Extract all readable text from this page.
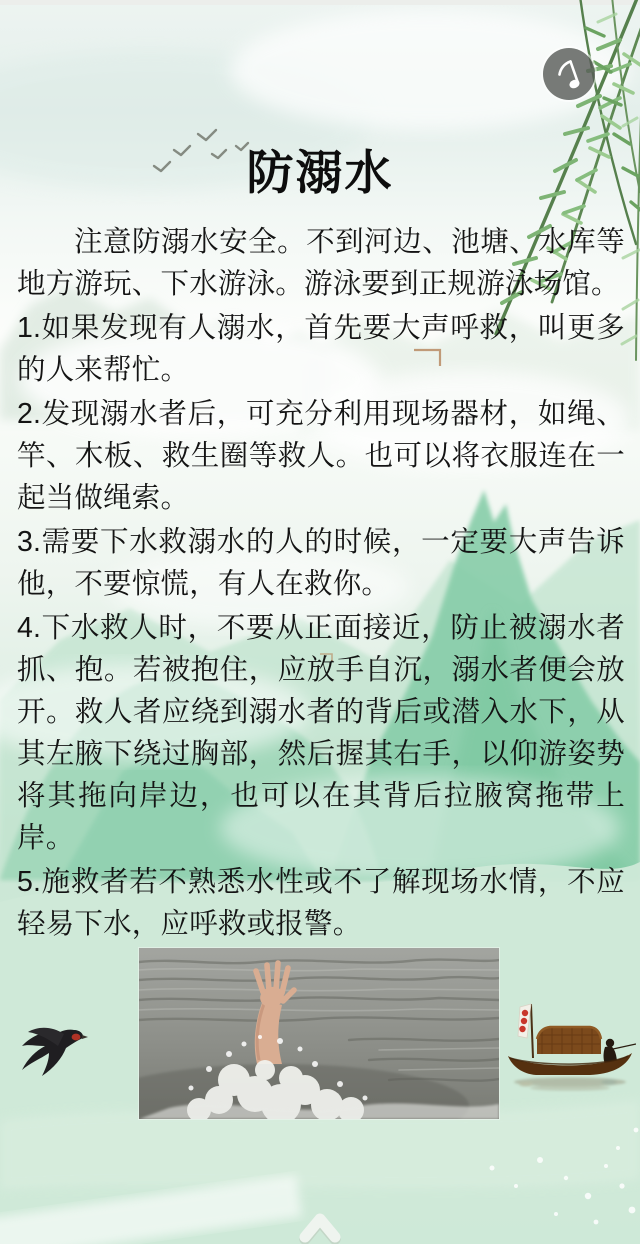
防溺水

注意防溺水安全。不到河边、池塘、水库等地方游玩、下水游泳。游泳要到正规游泳场馆。

1.如果发现有人溺水，首先要大声呼救，叫更多的人来帮忙。

2.发现溺水者后，可充分利用现场器材，如绳、竿、木板、救生圈等救人。也可以将衣服连在一起当做绳索。

3.需要下水救溺水的人的时候，一定要大声告诉他，不要惊慌，有人在救你。

4.下水救人时，不要从正面接近，防止被溺水者抓、抱。若被抱住，应放手自沉，溺水者便会放开。救人者应绕到溺水者的背后或潜入水下，从其左腋下绕过胸部，然后握其右手，以仰游姿势将其拖向岸边，也可以在其背后拉腋窝拖带上岸。

5.施救者若不熟悉水性或不了解现场水情，不应轻易下水，应呼救或报警。
